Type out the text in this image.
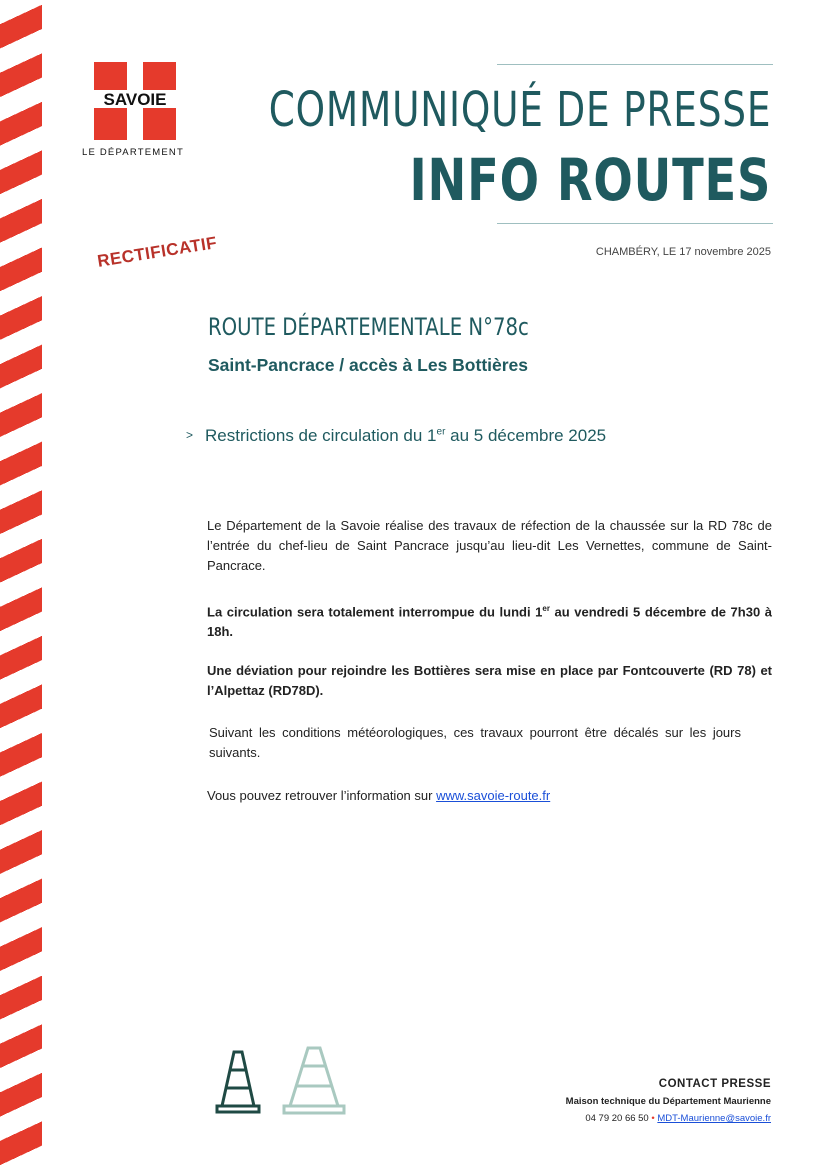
SAVOIE
LE DÉPARTEMENT
COMMUNIQUÉ DE PRESSE
INFO ROUTES
CHAMBÉRY, LE 17 novembre 2025
RECTIFICATIF
ROUTE DÉPARTEMENTALE N°78c
Saint-Pancrace / accès à Les Bottières
> Restrictions de circulation du 1er au 5 décembre 2025
Le Département de la Savoie réalise des travaux de réfection de la chaussée sur la RD 78c de l’entrée du chef-lieu de Saint Pancrace jusqu’au lieu-dit Les Vernettes, commune de Saint-Pancrace.
La circulation sera totalement interrompue du lundi 1er au vendredi 5 décembre de 7h30 à 18h.
Une déviation pour rejoindre les Bottières sera mise en place par Fontcouverte (RD 78) et l’Alpettaz (RD78D).
Suivant les conditions météorologiques, ces travaux pourront être décalés sur les jours suivants.
Vous pouvez retrouver l’information sur www.savoie-route.fr
CONTACT PRESSE
Maison technique du Département Maurienne
04 79 20 66 50 • MDT-Maurienne@savoie.fr
